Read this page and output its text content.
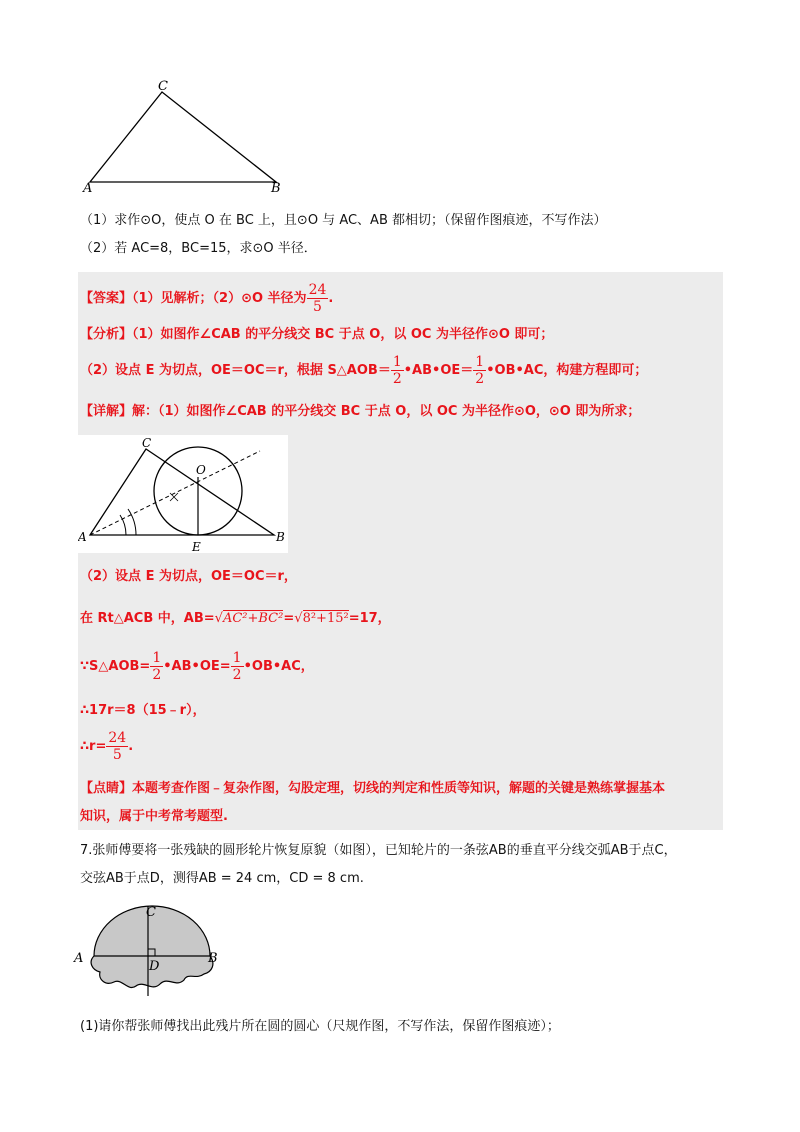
C
A	B
（1）求作⊙O，使点 O 在 BC 上，且⊙O 与 AC、AB 都相切；（保留作图痕迹，不写作法）
（2）若 AC=8，BC=15，求⊙O 半径．
【答案】（1）见解析；（2）⊙O 半径为 $\frac{24}{5}$ .
【分析】（1）如图作∠CAB 的平分线交 BC 于点 O，以 OC 为半径作⊙O 即可；
（2）设点 E 为切点，OE＝OC＝r，根据 S△AOB＝ $\frac{1}{2}$ •AB•OE＝ $\frac{1}{2}$ •OB•AC，构建方程即可；
【详解】解：（1）如图作∠CAB 的平分线交 BC 于点 O，以 OC 为半径作⊙O，⊙O 即为所求；
C
O
A	B
E
（2）设点 E 为切点，OE＝OC＝r，
在 Rt△ACB 中，AB=√AC²+BC²=√8²+15²=17，
∵S△AOB= $\frac{1}{2}$ •AB•OE= $\frac{1}{2}$ •OB•AC，
∴17r＝8（15﹣r），
∴r= $\frac{24}{5}$ .
【点睛】本题考查作图﹣复杂作图，勾股定理，切线的判定和性质等知识，解题的关键是熟练掌握基本
知识，属于中考常考题型.
7.张师傅要将一张残缺的圆形轮片恢复原貌（如图），已知轮片的一条弦AB的垂直平分线交弧AB于点C，
交弦AB于点D，测得AB = 24 cm，CD = 8 cm.
C
A	B
D
(1)请你帮张师傅找出此残片所在圆的圆心（尺规作图，不写作法，保留作图痕迹）；
